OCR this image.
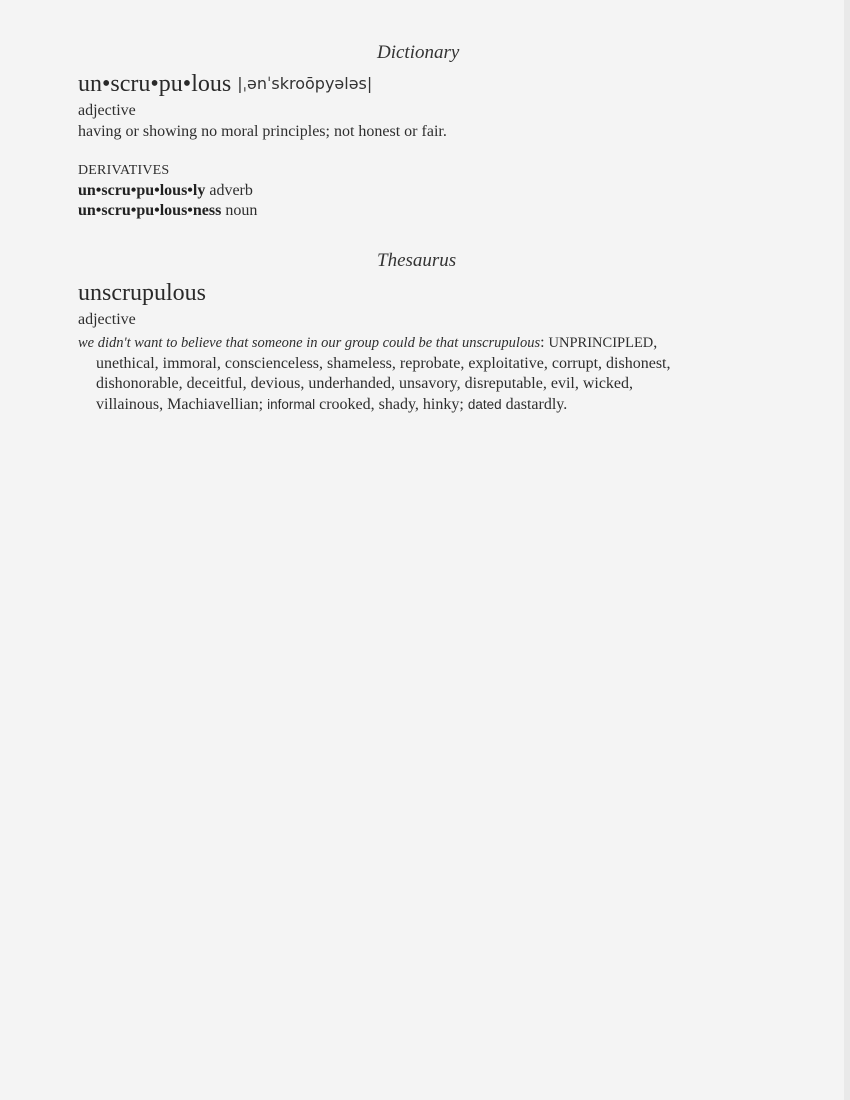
Dictionary
un•scru•pu•lous |ˌənˈskroōpyələs|
adjective
having or showing no moral principles; not honest or fair.
DERIVATIVES
un•scru•pu•lous•ly adverb
un•scru•pu•lous•ness noun
Thesaurus
unscrupulous
adjective

we didn't want to believe that someone in our group could be that unscrupulous: UNPRINCIPLED, unethical, immoral, conscienceless, shameless, reprobate, exploitative, corrupt, dishonest, dishonorable, deceitful, devious, underhanded, unsavory, disreputable, evil, wicked, villainous, Machiavellian; informal crooked, shady, hinky; dated dastardly.
